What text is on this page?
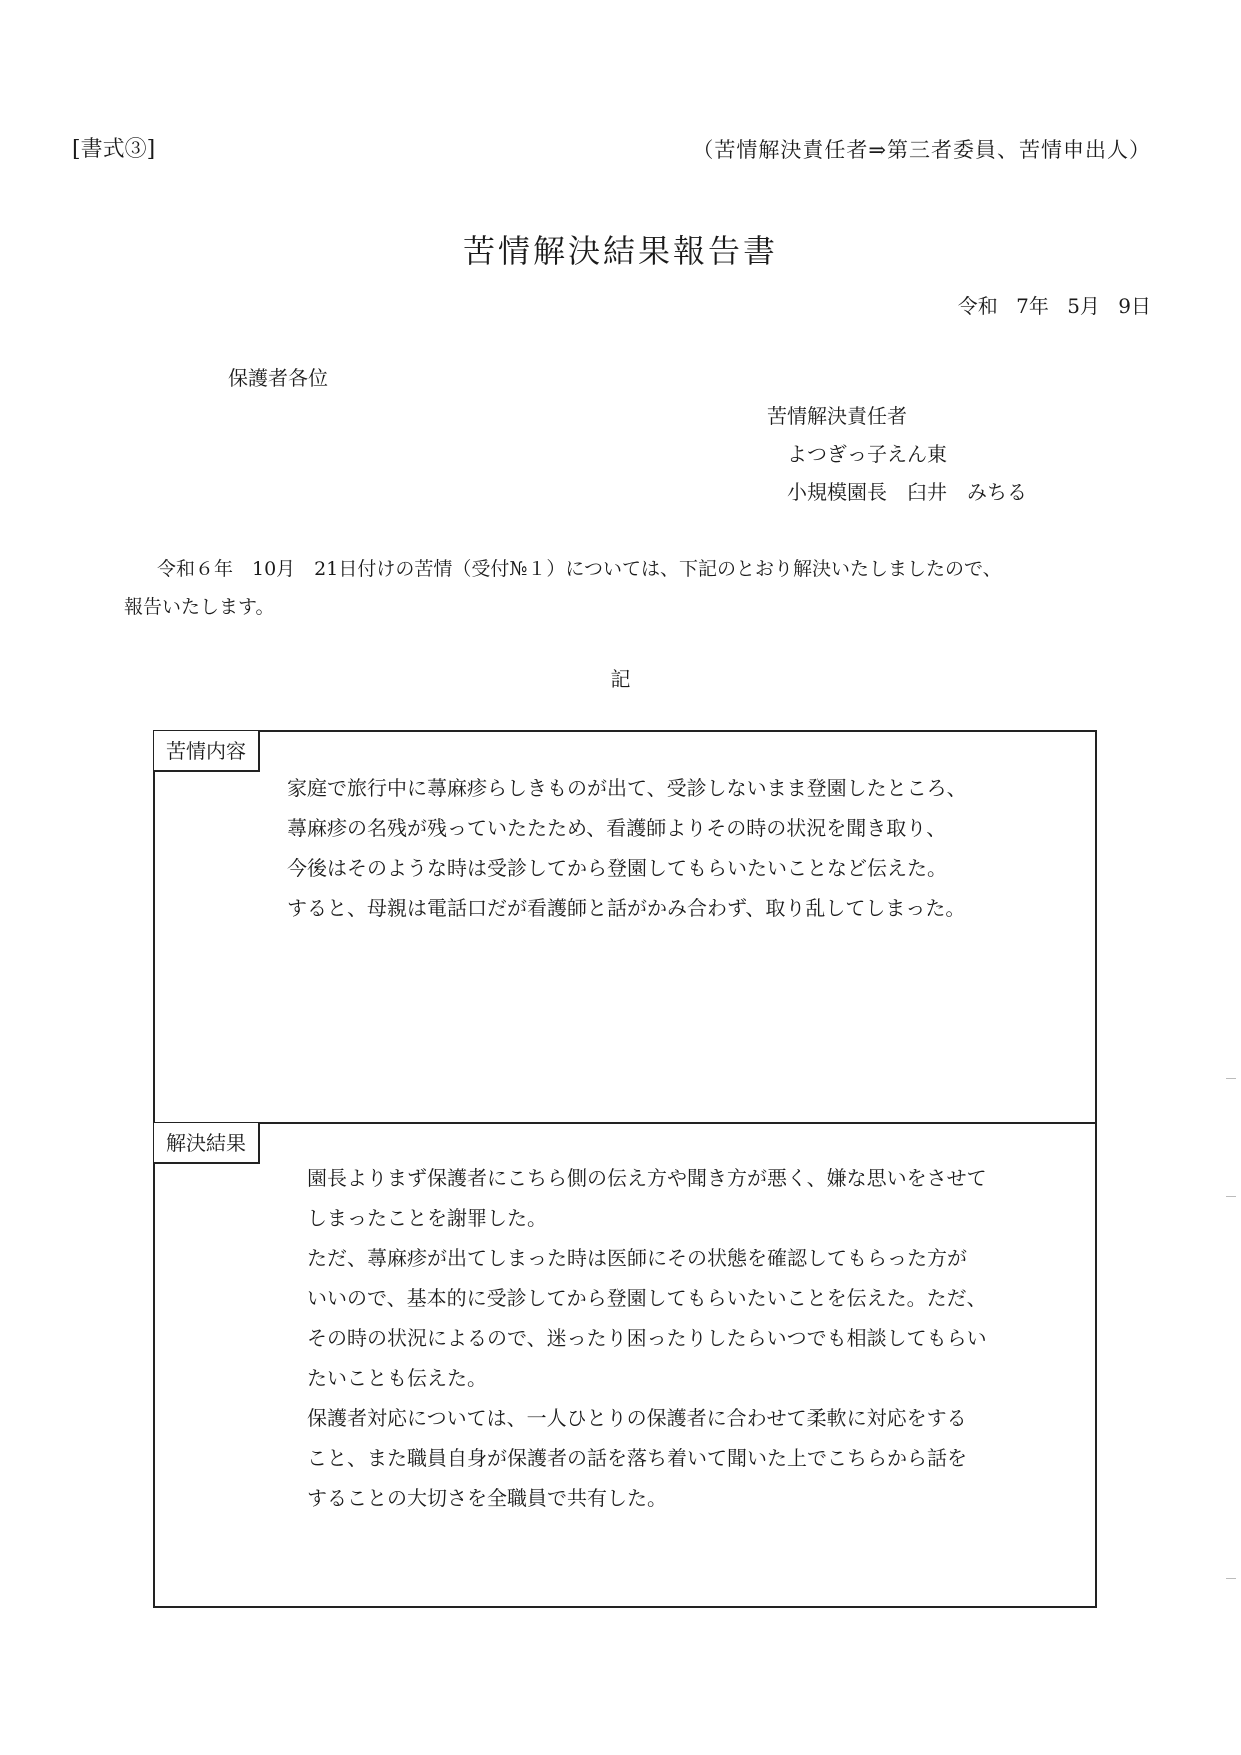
[書式③]	（苦情解決責任者⇒第三者委員、苦情申出人）
苦情解決結果報告書
令和 7年 5月 9日
保護者各位
苦情解決責任者
よつぎっ子えん東
小規模園長　臼井　みちる
令和６年　10月　21日付けの苦情（受付№１）については、下記のとおり解決いたしましたので、
報告いたします。
記
苦情内容
家庭で旅行中に蕁麻疹らしきものが出て、受診しないまま登園したところ、
蕁麻疹の名残が残っていたたため、看護師よりその時の状況を聞き取り、
今後はそのような時は受診してから登園してもらいたいことなど伝えた。
すると、母親は電話口だが看護師と話がかみ合わず、取り乱してしまった。
解決結果
園長よりまず保護者にこちら側の伝え方や聞き方が悪く、嫌な思いをさせて
しまったことを謝罪した。
ただ、蕁麻疹が出てしまった時は医師にその状態を確認してもらった方が
いいので、基本的に受診してから登園してもらいたいことを伝えた。ただ、
その時の状況によるので、迷ったり困ったりしたらいつでも相談してもらい
たいことも伝えた。
保護者対応については、一人ひとりの保護者に合わせて柔軟に対応をする
こと、また職員自身が保護者の話を落ち着いて聞いた上でこちらから話を
することの大切さを全職員で共有した。
